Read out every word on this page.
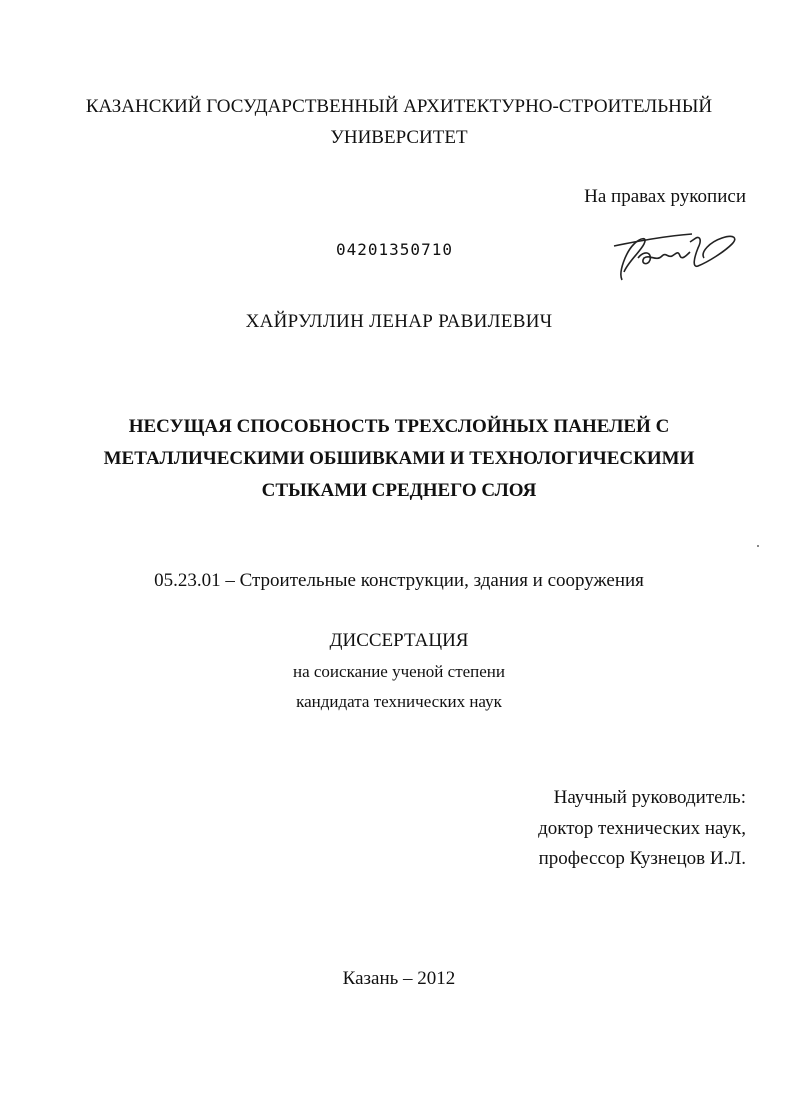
КАЗАНСКИЙ ГОСУДАРСТВЕННЫЙ АРХИТЕКТУРНО-СТРОИТЕЛЬНЫЙ
УНИВЕРСИТЕТ
На правах рукописи
04201350710
ХАЙРУЛЛИН ЛЕНАР РАВИЛЕВИЧ
НЕСУЩАЯ СПОСОБНОСТЬ ТРЕХСЛОЙНЫХ ПАНЕЛЕЙ С
МЕТАЛЛИЧЕСКИМИ ОБШИВКАМИ И ТЕХНОЛОГИЧЕСКИМИ
СТЫКАМИ СРЕДНЕГО СЛОЯ
05.23.01 – Строительные конструкции, здания и сооружения
ДИССЕРТАЦИЯ
на соискание ученой степени
кандидата технических наук
Научный руководитель:
доктор технических наук,
профессор Кузнецов И.Л.
Казань – 2012
